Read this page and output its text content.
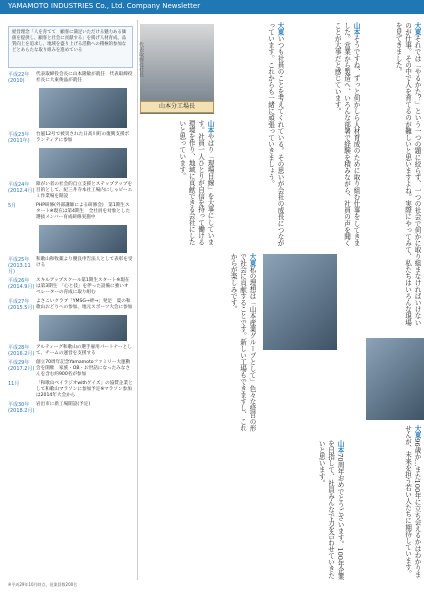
YAMAMOTO INDUSTRIES Co., Ltd. Company Newsletter
経営理念「人を育てて　顧客に満足いただける魅力ある価値を提供し、顧客と社会に貢献する」を掲げ人材育成、品質向上を追求し、地域を盛り上げる活動への積極的参加などとあらたな取り組みを進めている
平成22年(2010)
代表取締役会長に山本隆敏が就任　代表取締役社長に大東俊晶が就任
平成23年(2011年)
台風12号で被災された日高川町の復興支援ボランティアに参加
平成24年(2012.4月)
障がい者の社会的自立支援とステップアップを目的として、紀三井寺本社工場内にしゃピーエミ作業場を開設
5月	PHP研修(外部講師による研修会)　第1期生スタート※現在は第4期生　全社員を対象とした選抜メンバー育成研修実施中
平成25年(2013.11月)
和歌山和牧薬より優良申告法人として表彰を受ける
平成26年(2014.9月)
スキルアップスクール第1期生スタート※現在は第3期生　「心と技」を伴った設備に強いオペレーターの育成に取り組む
平成27年(2015.5月)
よさこいクラブ「YMSG→絆→」発足　夏の和歌山おどりへの参加、地元スポーツ大会に参加
平成28年(2016.2月)
アルティーグ和歌山の選手雇用パートナーとして、チームの運営を支援する
平成29年(2017.2月)
創立70周年記念Yamamotoファミリー大運動会を開催　家族・OB・お世話になったみなさんを含む約900名が参加
11月	「和歌山ベイラジオwithゲイズ」の協賛企業として和歌山マラソンに参加予定※マラソン参加は2014年大会から
平成30年(2018.2月)
岩出市に新工場開設(予定)
山本分工場長
代表取締役社長
大東それでは「やるかた？」という一つの題に絞らず、一つの社会で何かに取り組まなければいけないのが仕事。その中で人を育てるのが難しいと思いますよね。実際にやってみて、私たちはいろんな現場を見てきました。
山本そうですね、ずっと何かしら人材育成のために取り組む仕事をしてきました。営業から製造へ、いろんな部署で経験を積みながら、社員の声を聞くことが大事だと感じています。
大東いつも社員のことを考えてくれている。その思いが会社の成長につながっています。これからも一緒に頑張っていきましょう。
山本やはり「現場目線」を大事にしています。社員一人ひとりが自信を持って働ける環境を作り、地域に貢献できる会社にしたいと思っています。
大東私の理想は「山本産業グループとして」色々な経営の形で社会に貢献することです。新しい工場もできますし、これからが楽しみです。
山本70周年おめでとうございます。100年企業を目指して、社員みんなで力を合わせていきたいと思います。
大東96歳か…また100年に立ち会えるかはわかりませんが、未来を担う若い人たちに期待しています。
※平成29年10月時点、従業員数200名
